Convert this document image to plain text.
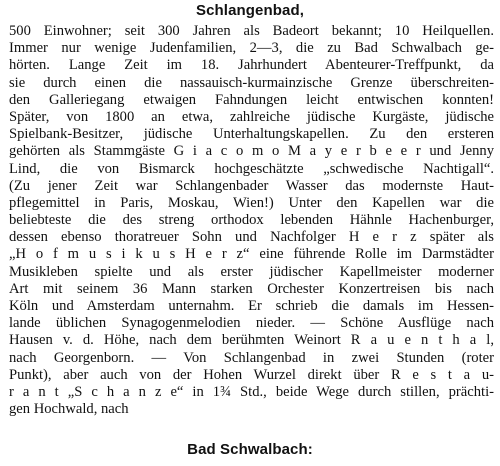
Schlangenbad,
500 Einwohner; seit 300 Jahren als Badeort bekannt; 10 Heilquellen.
Immer nur wenige Judenfamilien, 2—3, die zu Bad Schwalbach ge-
hörten. Lange Zeit im 18. Jahrhundert Abenteurer-Treffpunkt, da
sie durch einen die nassauisch-kurmainzische Grenze überschreiten-
den Galleriegang etwaigen Fahndungen leicht entwischen konnten!
Später, von 1800 an etwa, zahlreiche jüdische Kurgäste, jüdische
Spielbank-Besitzer, jüdische Unterhaltungskapellen. Zu den ersteren
gehörten als Stammgäste G i a c o m o M a y e r b e e r und Jenny
Lind, die von Bismarck hochgeschätzte „schwedische Nachtigall“.
(Zu jener Zeit war Schlangenbader Wasser das modernste Haut-
pflegemittel in Paris, Moskau, Wien!) Unter den Kapellen war die
beliebteste die des streng orthodox lebenden Hähnle Hachenburger,
dessen ebenso thoratreuer Sohn und Nachfolger H e r z später als
„H o f m u s i k u s H e r z“ eine führende Rolle im Darmstädter
Musikleben spielte und als erster jüdischer Kapellmeister moderner
Art mit seinem 36 Mann starken Orchester Konzertreisen bis nach
Köln und Amsterdam unternahm. Er schrieb die damals im Hessen-
lande üblichen Synagogenmelodien nieder. — Schöne Ausflüge nach
Hausen v. d. Höhe, nach dem berühmten Weinort R a u e n t h a l,
nach Georgenborn. — Von Schlangenbad in zwei Stunden (roter
Punkt), aber auch von der Hohen Wurzel direkt über R e s t a u-
r a n t „S c h a n z e“ in 1¾ Std., beide Wege durch stillen, prächti-
gen Hochwald, nach
Bad Schwalbach:
